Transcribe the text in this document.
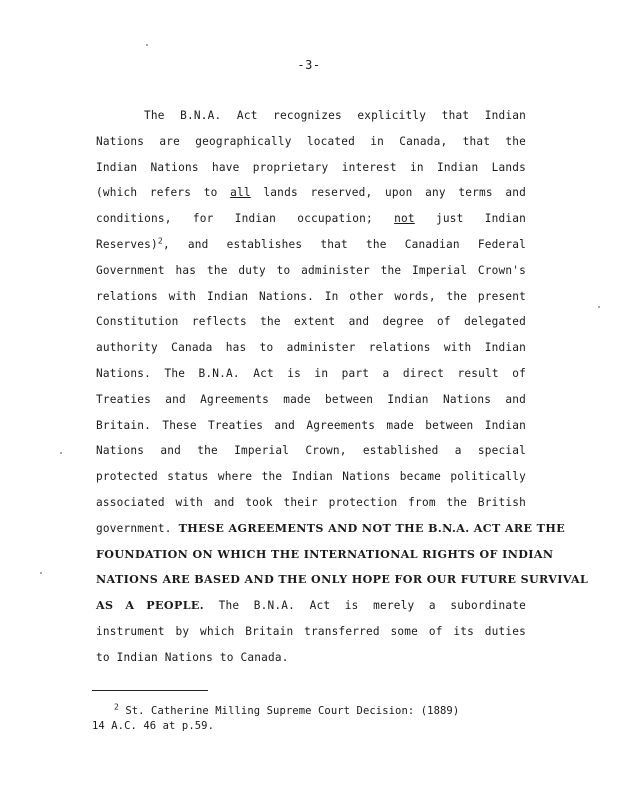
-3-
The B.N.A. Act recognizes explicitly that Indian
Nations are geographically located in Canada, that the
Indian Nations have proprietary interest in Indian Lands
(which refers to all lands reserved, upon any terms and
conditions, for Indian occupation; not just Indian
Reserves)$^2$, and establishes that the Canadian Federal
Government has the duty to administer the Imperial Crown's
relations with Indian Nations. In other words, the present
Constitution reflects the extent and degree of delegated
authority Canada has to administer relations with Indian
Nations. The B.N.A. Act is in part a direct result of
Treaties and Agreements made between Indian Nations and
Britain. These Treaties and Agreements made between Indian
Nations and the Imperial Crown, established a special
protected status where the Indian Nations became politically
associated with and took their protection from the British
government. THESE AGREEMENTS AND NOT THE B.N.A. ACT ARE THE
FOUNDATION ON WHICH THE INTERNATIONAL RIGHTS OF INDIAN
NATIONS ARE BASED AND THE ONLY HOPE FOR OUR FUTURE SURVIVAL
AS A PEOPLE. The B.N.A. Act is merely a subordinate
instrument by which Britain transferred some of its duties
to Indian Nations to Canada.
$^2$ St. Catherine Milling Supreme Court Decision: (1889)
14 A.C. 46 at p.59.
